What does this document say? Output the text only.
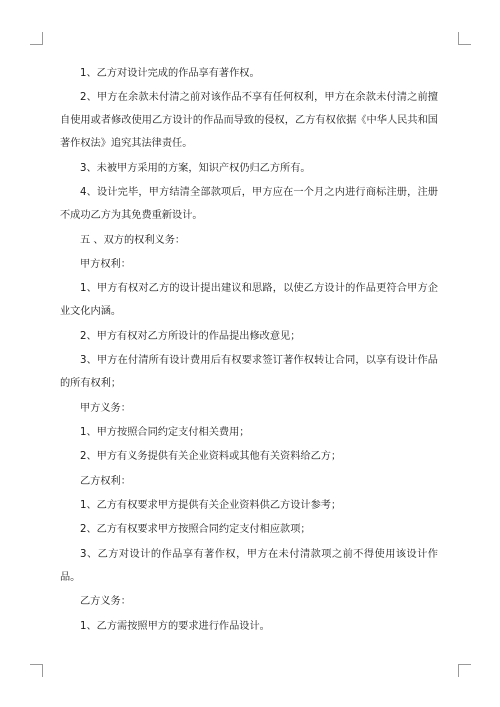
1、乙方对设计完成的作品享有著作权。

2、甲方在余款未付清之前对该作品不享有任何权利，甲方在余款未付清之前擅自使用或者修改使用乙方设计的作品而导致的侵权，乙方有权依据《中华人民共和国著作权法》追究其法律责任。

3、未被甲方采用的方案，知识产权仍归乙方所有。

4、设计完毕，甲方结清全部款项后，甲方应在一个月之内进行商标注册，注册不成功乙方为其免费重新设计。

五 、双方的权利义务：

甲方权利：

1、甲方有权对乙方的设计提出建议和思路，以使乙方设计的作品更符合甲方企业文化内涵。

2、甲方有权对乙方所设计的作品提出修改意见；

3、甲方在付清所有设计费用后有权要求签订著作权转让合同，以享有设计作品的所有权利；

甲方义务：

1、甲方按照合同约定支付相关费用；

2、甲方有义务提供有关企业资料或其他有关资料给乙方；

乙方权利：

1、乙方有权要求甲方提供有关企业资料供乙方设计参考；

2、乙方有权要求甲方按照合同约定支付相应款项；

3、乙方对设计的作品享有著作权，甲方在未付清款项之前不得使用该设计作品。

乙方义务：

1、乙方需按照甲方的要求进行作品设计。
